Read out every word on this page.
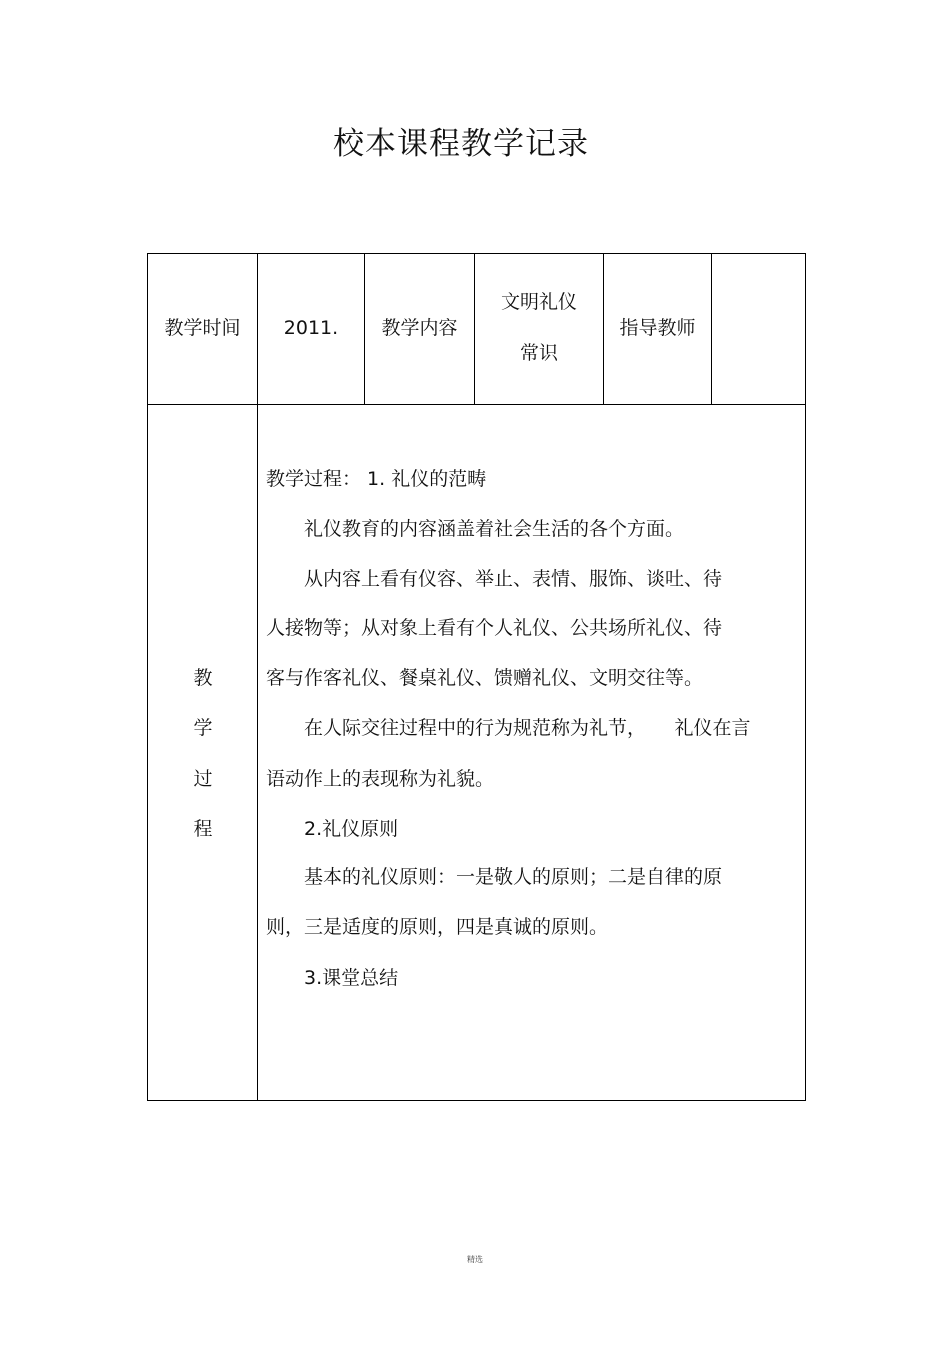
校本课程教学记录
教学时间	2011.	教学内容
文明礼仪
常识
指导教师
教
学
过
程
教学过程： 1. 礼仪的范畴
　　礼仪教育的内容涵盖着社会生活的各个方面。
　　从内容上看有仪容、举止、表情、服饰、谈吐、待
人接物等；从对象上看有个人礼仪、公共场所礼仪、待
客与作客礼仪、餐桌礼仪、馈赠礼仪、文明交往等。
　　在人际交往过程中的行为规范称为礼节，　　礼仪在言
语动作上的表现称为礼貌。
　　2.礼仪原则
　　基本的礼仪原则：一是敬人的原则；二是自律的原
则，三是适度的原则，四是真诚的原则。
　　3.课堂总结
精选
